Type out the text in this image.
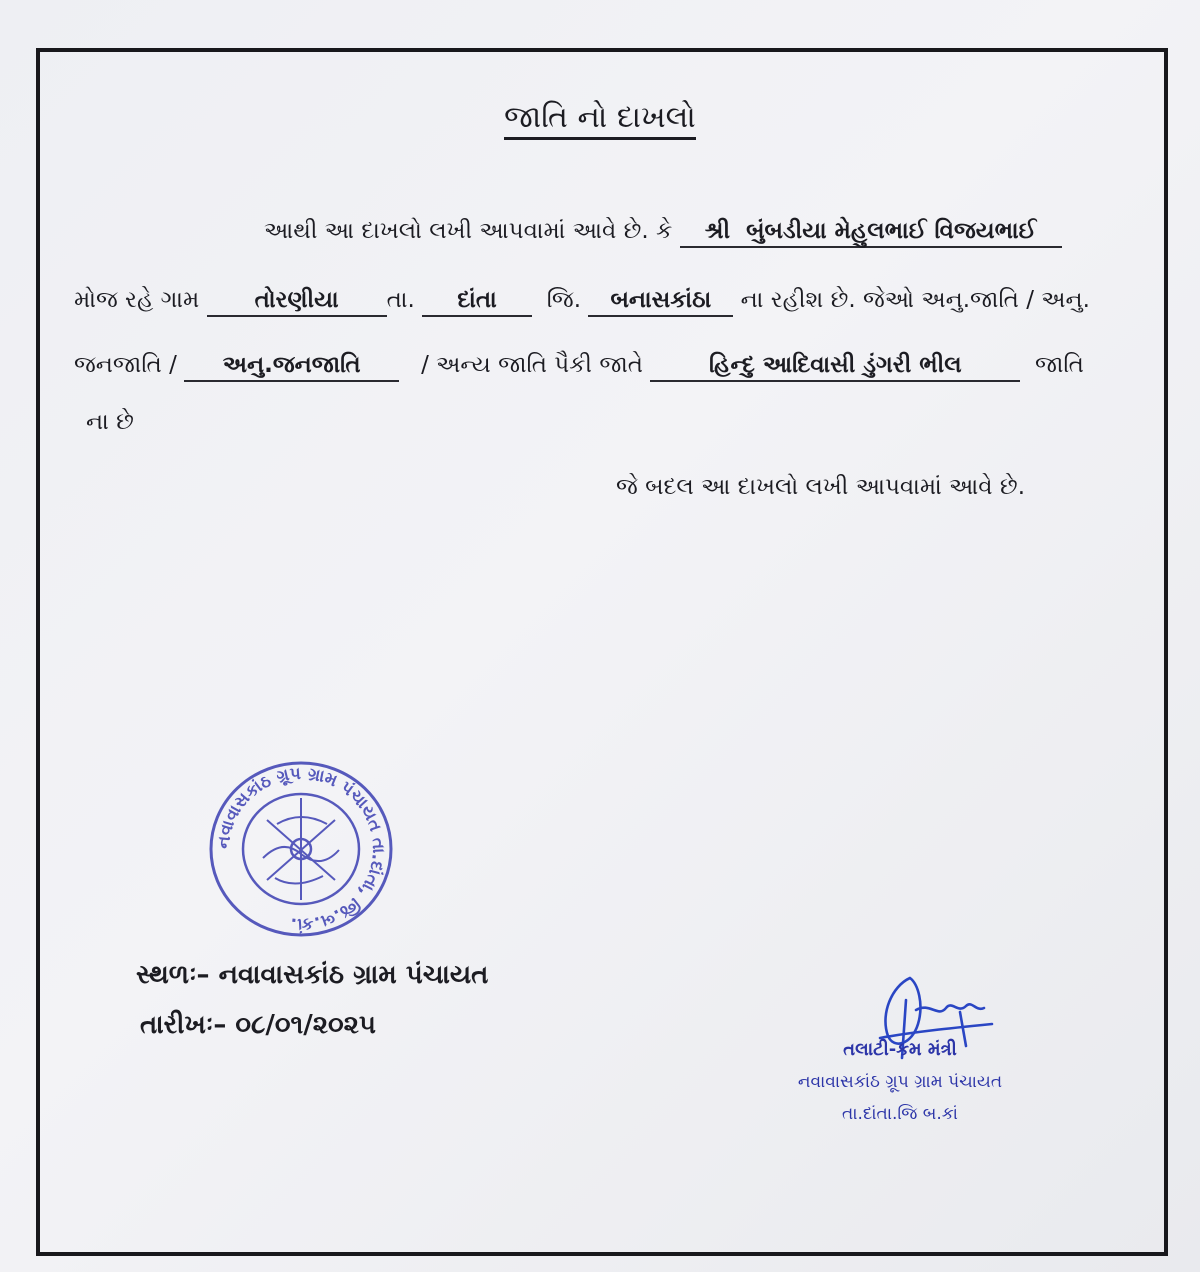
જાતિ નો દાખલો
આથી આ દાખલો લખી આપવામાં આવે છે. કે શ્રી બુંબડીયા મેહુલભાઈ વિજયભાઈ
મોજ રહે ગામ તોરણીયા તા. દાંતા જિ. બનાસકાંઠા ના રહીશ છે. જેઓ અનુ.જાતિ / અનુ.
જનજાતિ / અનુ.જનજાતિ	/ અન્ય જાતિ પૈકી જાતે	હિન્દુ આદિવાસી ડુંગરી ભીલ	જાતિ
ના છે
જે બદલ આ દાખલો લખી આપવામાં આવે છે.
નવાવાસકાંઠ ગ્રૂપ ગ્રામ પંચાયત તા.દાંતા, જિ.બ.કાં.
સ્થળઃ– નવાવાસકાંઠ ગ્રામ પંચાયત
તારીખઃ– ૦૮/૦૧/૨૦૨૫
તલાટી-કમ મંત્રી
નવાવાસકાંઠ ગ્રૂપ ગ્રામ પંચાયત
તા.દાંતા.જિ બ.કાં
